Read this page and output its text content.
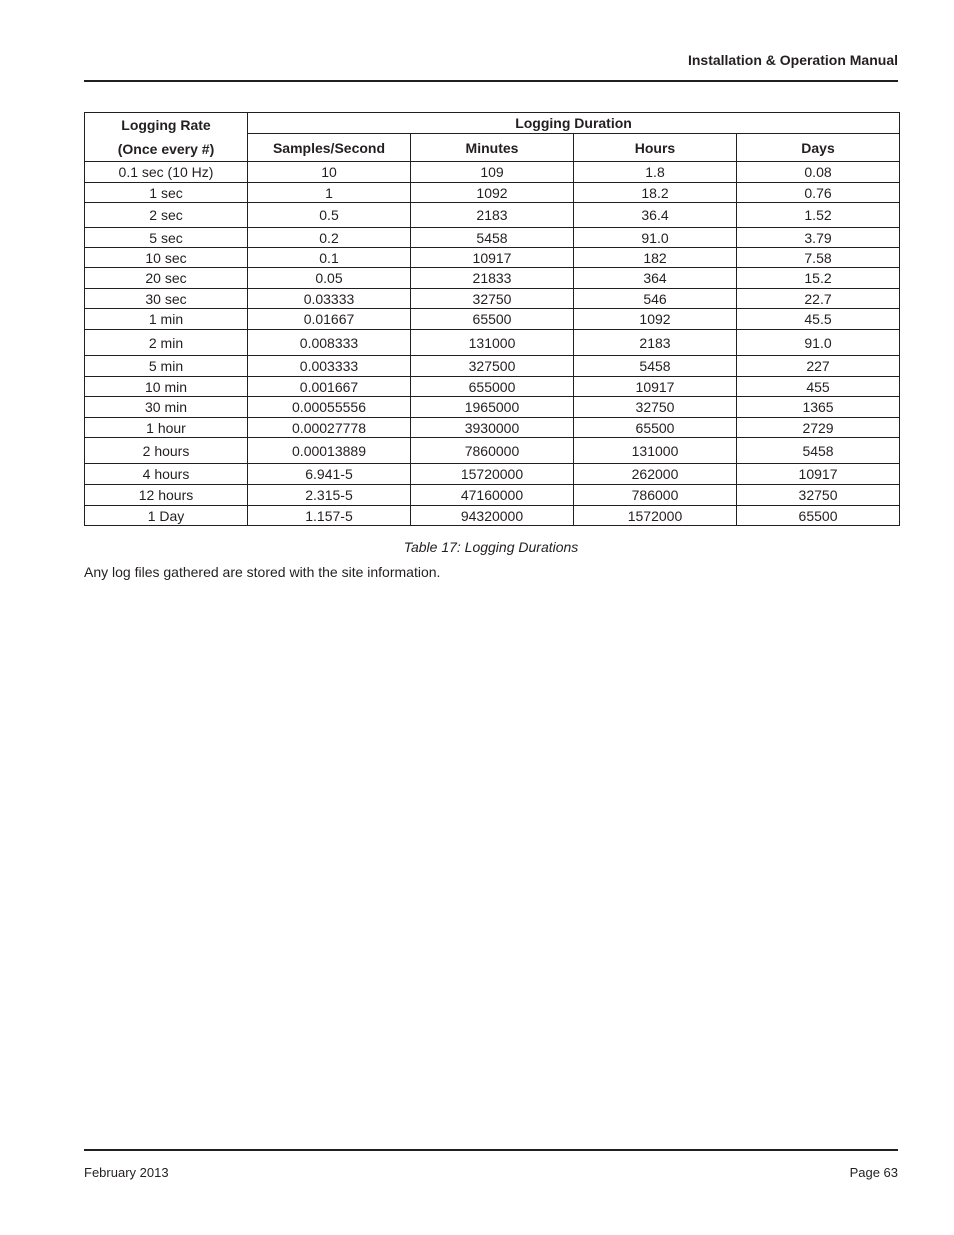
Installation & Operation Manual
Logging Rate
(Once every #)	Logging Duration			
	Samples/Second	Minutes	Hours	Days
0.1 sec (10 Hz)	10	109	1.8	0.08
1 sec	1	1092	18.2	0.76
2 sec	0.5	2183	36.4	1.52
5 sec	0.2	5458	91.0	3.79
10 sec	0.1	10917	182	7.58
20 sec	0.05	21833	364	15.2
30 sec	0.03333	32750	546	22.7
1 min	0.01667	65500	1092	45.5
2 min	0.008333	131000	2183	91.0
5 min	0.003333	327500	5458	227
10 min	0.001667	655000	10917	455
30 min	0.00055556	1965000	32750	1365
1 hour	0.00027778	3930000	65500	2729
2 hours	0.00013889	7860000	131000	5458
4 hours	6.941-5	15720000	262000	10917
12 hours	2.315-5	47160000	786000	32750
1 Day	1.157-5	94320000	1572000	65500
Table 17: Logging Durations
Any log files gathered are stored with the site information.
February 2013	Page 63
